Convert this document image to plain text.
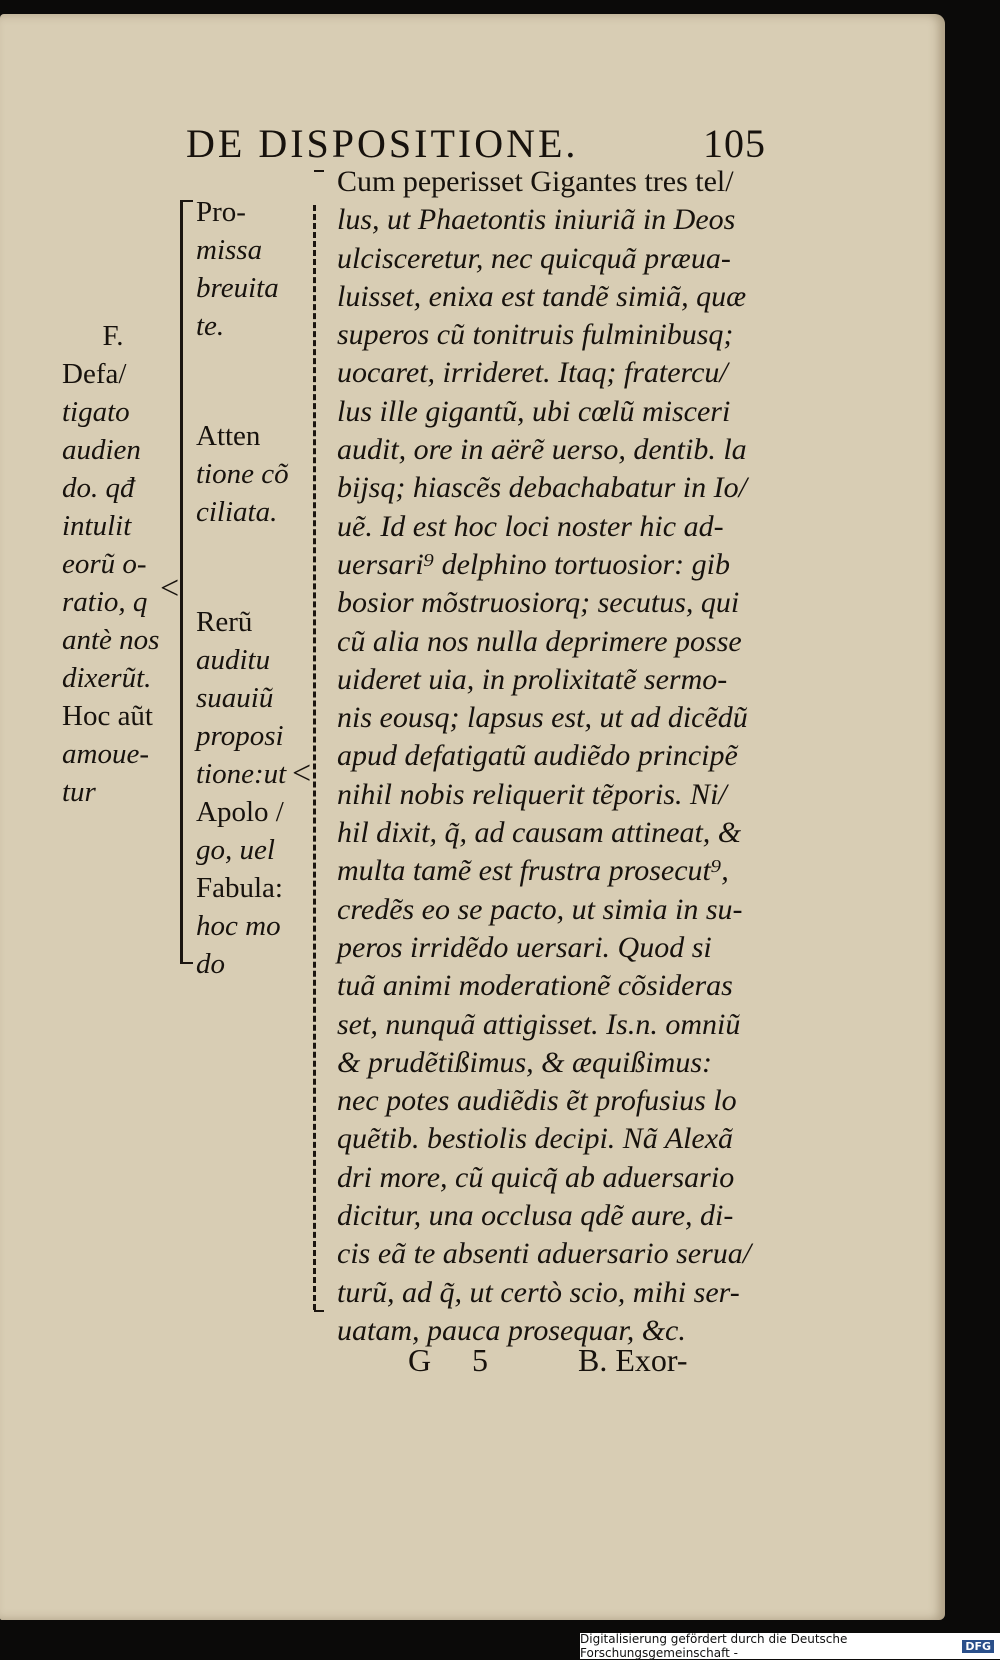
DE DISPOSITIONE.	105
F.
Defa/
tigato
audien
do. qđ
intulit
eorũ o-
ratio, q
antè nos
dixerũt.
Hoc aũt
amoue-
tur
<
Pro-
missa
breuita
te.
Atten
tione cõ
ciliata.
Rerũ
auditu
suauiũ
proposi
tione:ut
Apolo /
go, uel
Fabula:
hoc mo
do
<
Cum peperisset Gigantes tres tel/
lus, ut Phaetontis iniuriã in Deos
ulcisceretur, nec quicquã præua-
luisset, enixa est tandẽ simiã, quæ
superos cũ tonitruis fulminibusq;
uocaret, irrideret. Itaq; fratercu/
lus ille gigantũ, ubi cœlũ misceri
audit, ore in aërẽ uerso, dentib. la
bijsq; hiascẽs debachabatur in Io/
uẽ. Id est hoc loci noster hic ad-
uersari⁹ delphino tortuosior: gib
bosior mõstruosiorq; secutus, qui
cũ alia nos nulla deprimere posse
uideret uia, in prolixitatẽ sermo-
nis eousq; lapsus est, ut ad dicẽdũ
apud defatigatũ audiẽdo principẽ
nihil nobis reliquerit tẽporis. Ni/
hil dixit, q̃, ad causam attineat, &
multa tamẽ est frustra prosecut⁹,
credẽs eo se pacto, ut simia in su-
peros irridẽdo uersari. Quod si
tuã animi moderationẽ cõsideras
set, nunquã attigisset. Is.n. omniũ
& prudẽtißimus, & æquißimus:
nec potes audiẽdis ẽt profusius lo
quẽtib. bestiolis decipi. Nã Alexã
dri more, cũ quicq̃ ab aduersario
dicitur, una occlusa qdẽ aure, di-
cis eã te absenti aduersario serua/
turũ, ad q̃, ut certò scio, mihi ser-
uatam, pauca prosequar, &c.
G 5	B. Exor-
Digitalisierung gefördert durch die Deutsche Forschungsgemeinschaft -	DFG
